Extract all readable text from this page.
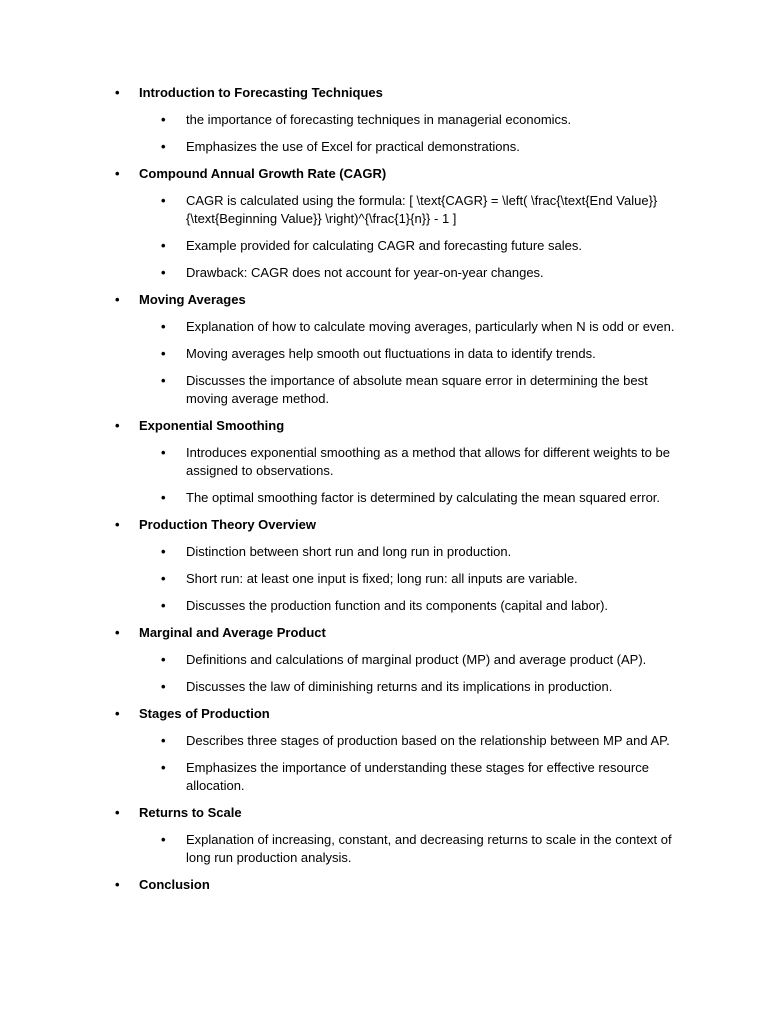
• Introduction to Forecasting Techniques
• the importance of forecasting techniques in managerial economics.
• Emphasizes the use of Excel for practical demonstrations.
• Compound Annual Growth Rate (CAGR)
• CAGR is calculated using the formula: [ \text{CAGR} = \left( \frac{\text{End Value}}{\text{Beginning Value}} \right)^{\frac{1}{n}} - 1 ]
• Example provided for calculating CAGR and forecasting future sales.
• Drawback: CAGR does not account for year-on-year changes.
• Moving Averages
• Explanation of how to calculate moving averages, particularly when N is odd or even.
• Moving averages help smooth out fluctuations in data to identify trends.
• Discusses the importance of absolute mean square error in determining the best moving average method.
• Exponential Smoothing
• Introduces exponential smoothing as a method that allows for different weights to be assigned to observations.
• The optimal smoothing factor is determined by calculating the mean squared error.
• Production Theory Overview
• Distinction between short run and long run in production.
• Short run: at least one input is fixed; long run: all inputs are variable.
• Discusses the production function and its components (capital and labor).
• Marginal and Average Product
• Definitions and calculations of marginal product (MP) and average product (AP).
• Discusses the law of diminishing returns and its implications in production.
• Stages of Production
• Describes three stages of production based on the relationship between MP and AP.
• Emphasizes the importance of understanding these stages for effective resource allocation.
• Returns to Scale
• Explanation of increasing, constant, and decreasing returns to scale in the context of long run production analysis.
• Conclusion
